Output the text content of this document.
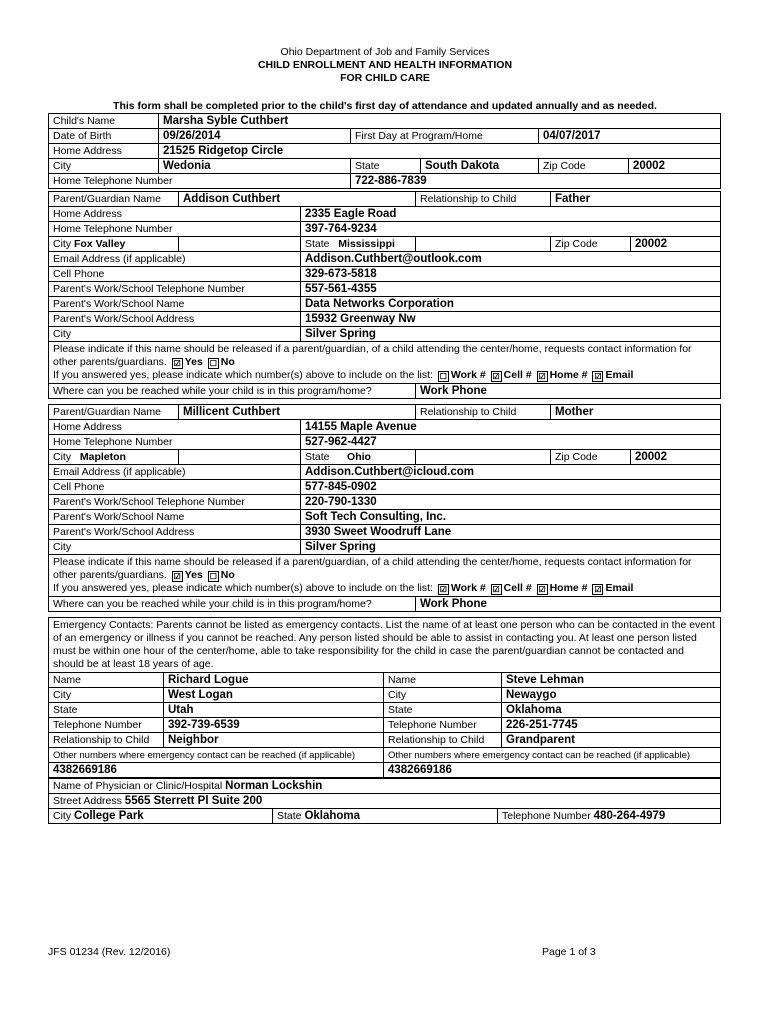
Ohio Department of Job and Family Services
CHILD ENROLLMENT AND HEALTH INFORMATION
FOR CHILD CARE
This form shall be completed prior to the child's first day of attendance and updated annually and as needed.
Child's Name	Marsha Syble Cuthbert				
Date of Birth	09/26/2014	First Day at Program/Home		04/07/2017	
Home Address	21525 Ridgetop Circle				
City	Wedonia	State	South Dakota	Zip Code	20002
Home Telephone Number		722-886-7839			
Parent/Guardian Name	Addison Cuthbert		Relationship to Child	Father	
Home Address		2335 Eagle Road			
Home Telephone Number		397-764-9234			
City Fox Valley		State Mississippi		Zip Code	20002
Email Address (if applicable)		Addison.Cuthbert@outlook.com			
Cell Phone		329-673-5818			
Parent's Work/School Telephone Number		557-561-4355			
Parent's Work/School Name		Data Networks Corporation			
Parent's Work/School Address		15932 Greenway Nw			
City		Silver Spring			
Please indicate if this name should be released if a parent/guardian, of a child attending the center/home, requests contact information for other parents/guardians. ☑ Yes ☐ No
If you answered yes, please indicate which number(s) above to include on the list: ☐ Work # ☑ Cell # ☑ Home # ☑ Email					
Where can you be reached while your child is in this program/home?			Work Phone		
Parent/Guardian Name	Millicent Cuthbert		Relationship to Child	Mother	
Home Address		14155 Maple Avenue			
Home Telephone Number		527-962-4427			
City Mapleton		State Ohio		Zip Code	20002
Email Address (if applicable)		Addison.Cuthbert@icloud.com			
Cell Phone		577-845-0902			
Parent's Work/School Telephone Number		220-790-1330			
Parent's Work/School Name		Soft Tech Consulting, Inc.			
Parent's Work/School Address		3930 Sweet Woodruff Lane			
City		Silver Spring			
Please indicate if this name should be released if a parent/guardian, of a child attending the center/home, requests contact information for other parents/guardians. ☑ Yes ☐ No
If you answered yes, please indicate which number(s) above to include on the list: ☑ Work # ☑ Cell # ☑ Home # ☑ Email					
Where can you be reached while your child is in this program/home?			Work Phone		
Emergency Contacts: Parents cannot be listed as emergency contacts. List the name of at least one person who can be contacted in the event of an emergency or illness if you cannot be reached. Any person listed should be able to assist in contacting you. At least one person listed must be within one hour of the center/home, able to take responsibility for the child in case the parent/guardian cannot be contacted and should be at least 18 years of age.			
Name	Richard Logue	Name	Steve Lehman
City	West Logan	City	Newaygo
State	Utah	State	Oklahoma
Telephone Number	392-739-6539	Telephone Number	226-251-7745
Relationship to Child	Neighbor	Relationship to Child	Grandparent
Other numbers where emergency contact can be reached (if applicable)		Other numbers where emergency contact can be reached (if applicable)	
4382669186		4382669186	
Name of Physician or Clinic/Hospital Norman Lockshin
Street Address 5565 Sterrett Pl Suite 200
City College Park	State Oklahoma	Telephone Number 480-264-4979
JFS 01234 (Rev. 12/2016)	Page 1 of 3
